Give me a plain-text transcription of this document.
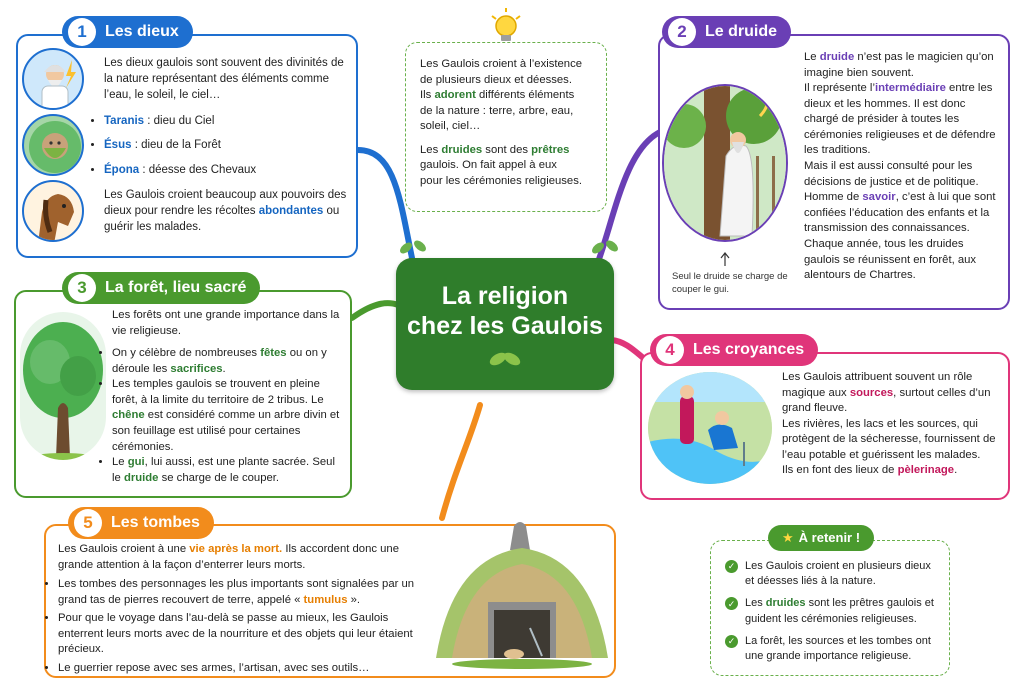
Les Gaulois croient à l’existence
de plusieurs dieux et déesses.
Ils adorent différents éléments
de la nature : terre, arbre, eau,
soleil, ciel…

Les druides sont des prêtres
gaulois. On fait appel à eux
pour les cérémonies religieuses.

La religion
chez les Gaulois
1	Les dieux

Les dieux gaulois sont souvent des divinités de la nature représentant des éléments comme l’eau, le soleil, le ciel…

• Taranis : dieu du Ciel
• Ésus : dieu de la Forêt
• Épona : déesse des Chevaux

Les Gaulois croient beaucoup aux pouvoirs des dieux pour rendre les récoltes abondantes ou guérir les malades.

2	Le druide
Seul le druide se charge de couper le gui.

Le druide n’est pas le magicien qu’on imagine bien souvent.

Il représente l’intermédiaire entre les dieux et les hommes. Il est donc chargé de présider à toutes les cérémonies religieuses et de défendre les traditions.

Mais il est aussi consulté pour les décisions de justice et de politique. Homme de savoir, c’est à lui que sont confiées l’éducation des enfants et la transmission des connaissances.

Chaque année, tous les druides gaulois se réunissent en forêt, aux alentours de Chartres.

3	La forêt, lieu sacré

Les forêts ont une grande importance dans la vie religieuse.

• On y célèbre de nombreuses fêtes ou on y déroule les sacrifices.
• Les temples gaulois se trouvent en pleine forêt, à la limite du territoire de 2 tribus. Le chêne est considéré comme un arbre divin et son feuillage est utilisé pour certaines cérémonies.
• Le gui, lui aussi, est une plante sacrée. Seul le druide se charge de le couper.
4	Les croyances

Les Gaulois attribuent souvent un rôle magique aux sources, surtout celles d’un grand fleuve.

Les rivières, les lacs et les sources, qui protègent de la sécheresse, fournissent de l’eau potable et guérissent les malades.

Ils en font des lieux de pèlerinage.

5	Les tombes

Les Gaulois croient à une vie après la mort. Ils accordent donc une grande attention à la façon d’enterrer leurs morts.

• Les tombes des personnages les plus importants sont signalées par un grand tas de pierres recouvert de terre, appelé « tumulus ».
• Pour que le voyage dans l’au-delà se passe au mieux, les Gaulois enterrent leurs morts avec de la nourriture et des objets qui leur étaient précieux.
• Le guerrier repose avec ses armes, l’artisan, avec ses outils…
✓ Les Gaulois croient en plusieurs dieux et déesses liés à la nature.
✓ Les druides sont les prêtres gaulois et guident les cérémonies religieuses.
✓ La forêt, les sources et les tombes ont une grande importance religieuse.
★ À retenir !
